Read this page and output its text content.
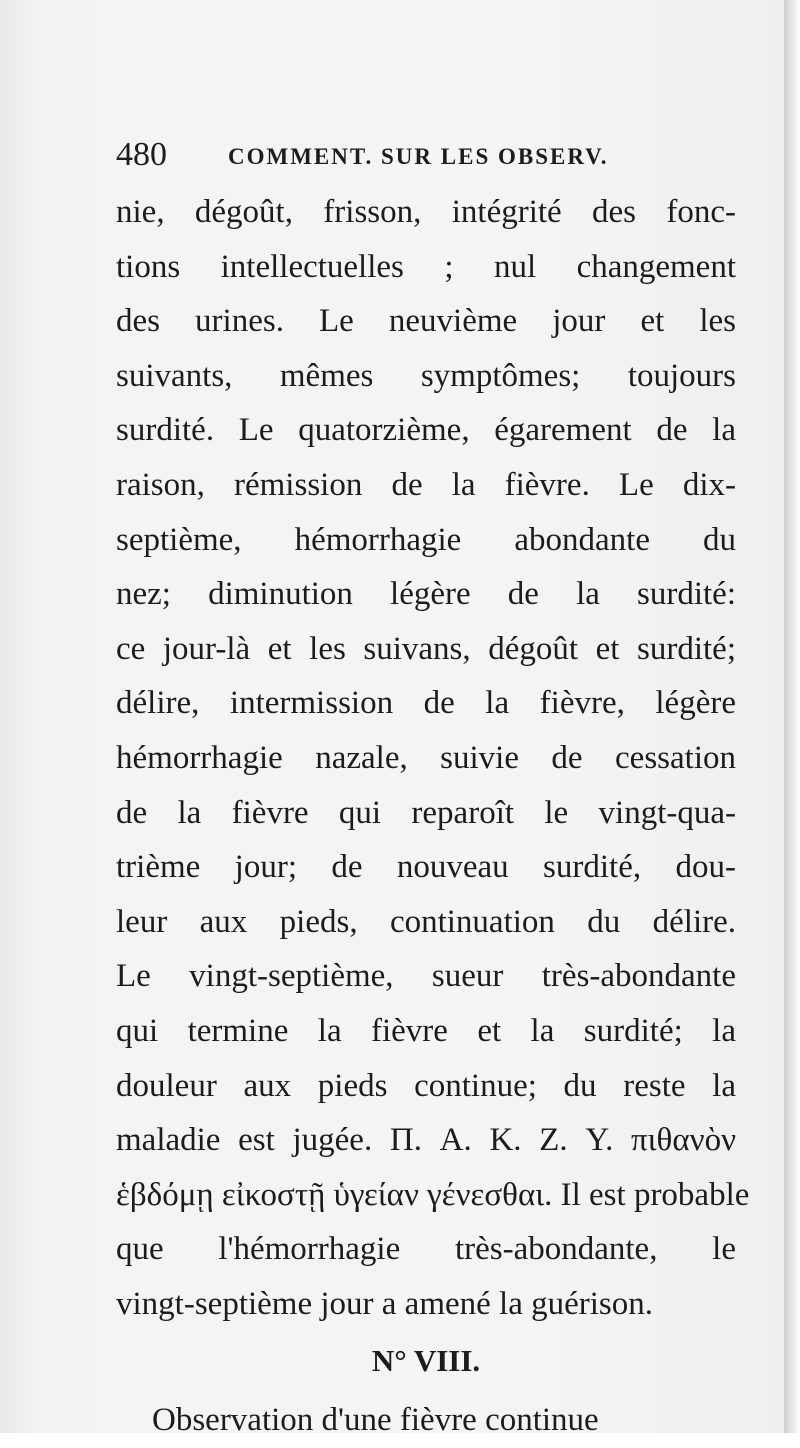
480	COMMENT. SUR LES OBSERV.
nie, dégoût, frisson, intégrité des fonc-
tions intellectuelles ; nul changement
des urines. Le neuvième jour et les
suivants, mêmes symptômes; toujours
surdité. Le quatorzième, égarement de la
raison, rémission de la fièvre. Le dix-
septième, hémorrhagie abondante du
nez; diminution légère de la surdité:
ce jour-là et les suivans, dégoût et surdité;
délire, intermission de la fièvre, légère
hémorrhagie nazale, suivie de cessation
de la fièvre qui reparoît le vingt-qua-
trième jour; de nouveau surdité, dou-
leur aux pieds, continuation du délire.
Le vingt-septième, sueur très-abondante
qui termine la fièvre et la surdité; la
douleur aux pieds continue; du reste la
maladie est jugée. Π. A. K. Z. Υ. πιθανὸν
ἑβδόμῃ εἰκοστῇ ὑγείαν γένεσθαι. Il est probable
que l'hémorrhagie très-abondante, le
vingt-septième jour a amené la guérison.
N° VIII.
Observation d'une fièvre continue
